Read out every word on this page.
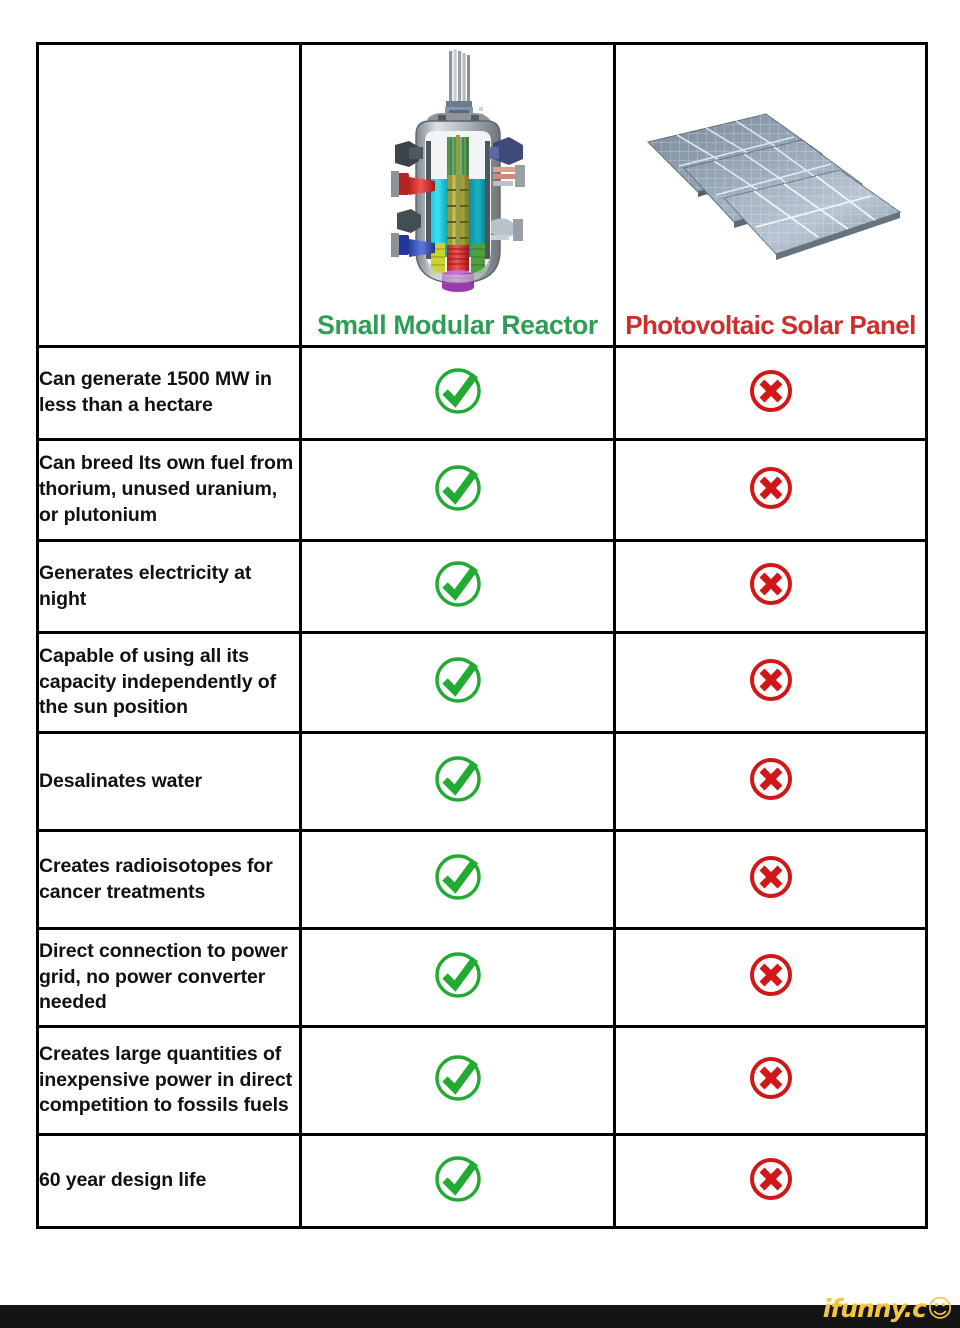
	Small Modular Reactor	Photovoltaic Solar Panel

Can generate 1500 MW in less than a hectare		
Can breed Its own fuel from thorium, unused uranium, or plutonium		
Generates electricity at night		
Capable of using all its capacity independently of the sun position		
Desalinates water		
Creates radioisotopes for cancer treatments		
Direct connection to power grid, no power converter needed		
Creates large quantities of inexpensive power in direct competition to fossils fuels		
60 year design life		
ifunny.c ☺
